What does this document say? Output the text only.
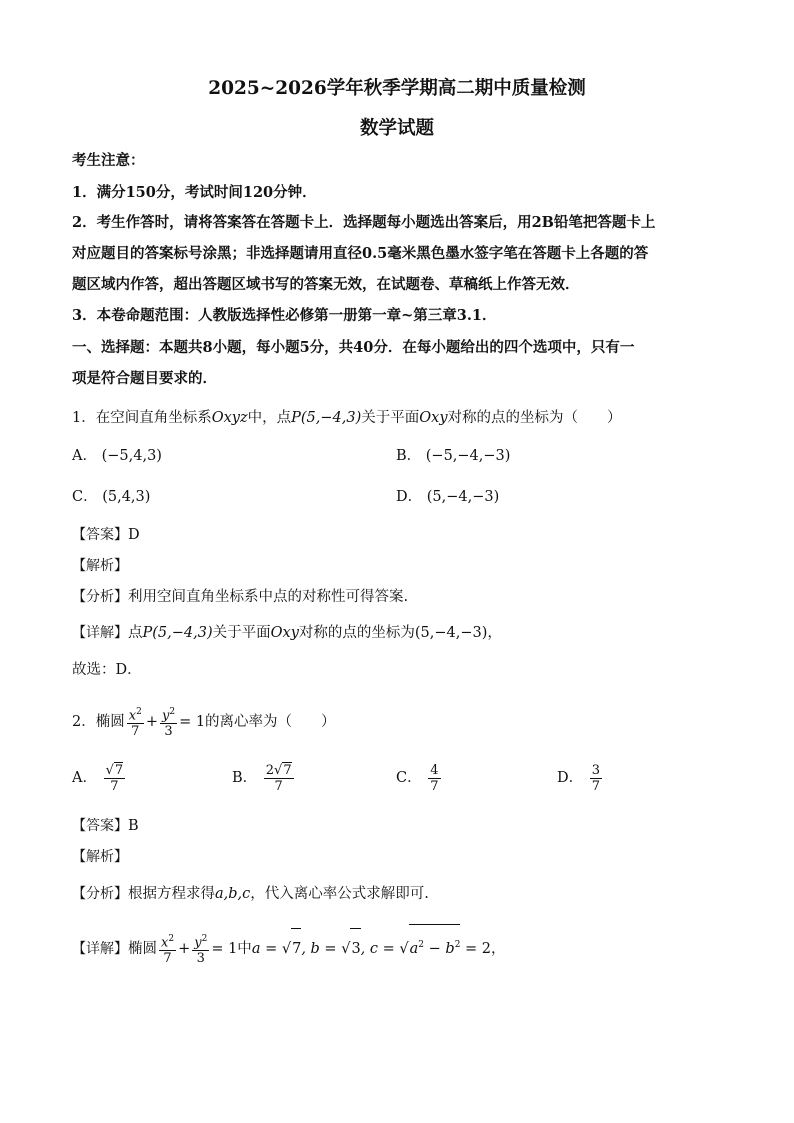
2025~2026学年秋季学期高二期中质量检测
数学试题
考生注意：
1．满分150分，考试时间120分钟．
2．考生作答时，请将答案答在答题卡上．选择题每小题选出答案后，用2B铅笔把答题卡上
对应题目的答案标号涂黑；非选择题请用直径0.5毫米黑色墨水签字笔在答题卡上各题的答
题区域内作答，超出答题区域书写的答案无效，在试题卷、草稿纸上作答无效．
3．本卷命题范围：人教版选择性必修第一册第一章~第三章3.1．
一、选择题：本题共8小题，每小题5分，共40分．在每小题给出的四个选项中，只有一
项是符合题目要求的．
1．在空间直角坐标系Oxyz中，点P(5,−4,3)关于平面Oxy对称的点的坐标为（　　）
A． (−5,4,3)	B． (−5,−4,−3)
C． (5,4,3)	D． (5,−4,−3)
【答案】D
【解析】
【分析】利用空间直角坐标系中点的对称性可得答案.
【详解】点P(5,−4,3)关于平面Oxy对称的点的坐标为(5,−4,−3)，
故选：D．
2．椭圆 $\frac{x^2}{7} + \frac{y^2}{3} = 1$的离心率为（　　）
A． $\frac{√7}{7}$	B． $\frac{2√7}{7}$	C． $\frac{4}{7}$	D． $\frac{3}{7}$
【答案】B
【解析】
【分析】根据方程求得a,b,c，代入离心率公式求解即可.
【详解】椭圆 $\frac{x^2}{7} + \frac{y^2}{3} = 1$中a = √7, b = √3, $c = √a^2 - b^2 = 2$，
